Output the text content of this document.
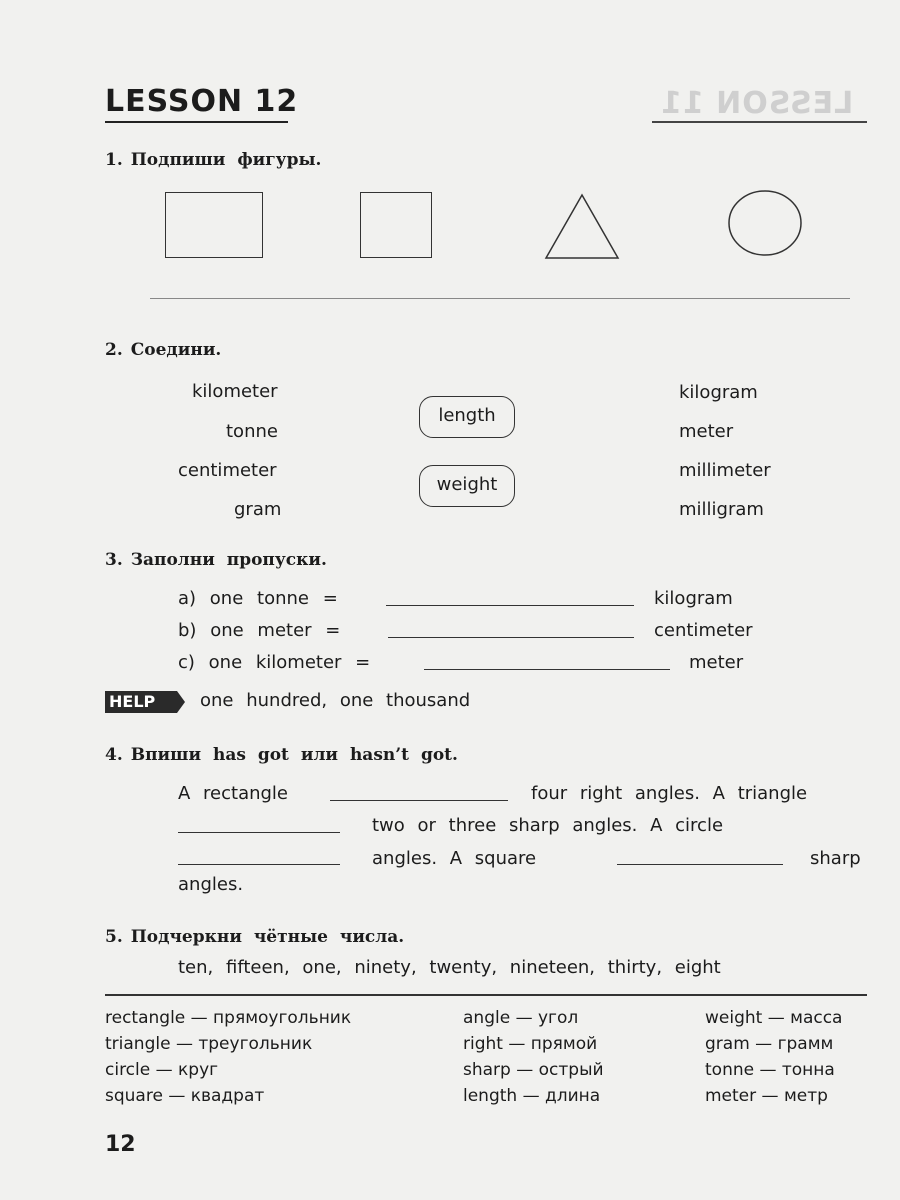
LESSON 11
LESSON 12
1. Подпиши фигуры.
2. Соедини.
kilometer
tonne
centimeter
gram
length
weight
kilogram
meter
millimeter
milligram
3. Заполни пропуски.
a) one tonne =	kilogram
b) one meter =	centimeter
c) one kilometer =	meter
HELP	one hundred, one thousand
4. Впиши has got или hasn’t got.
A rectangle	four right angles. A triangle
two or three sharp angles. A circle
angles. A square	sharp
angles.
5. Подчеркни чётные числа.
ten, fifteen, one, ninety, twenty, nineteen, thirty, eight
rectangle — прямоугольник
triangle — треугольник
circle — круг
square — квадрат
angle — угол
right — прямой
sharp — острый
length — длина
weight — масса
gram — грамм
tonne — тонна
meter — метр
12
